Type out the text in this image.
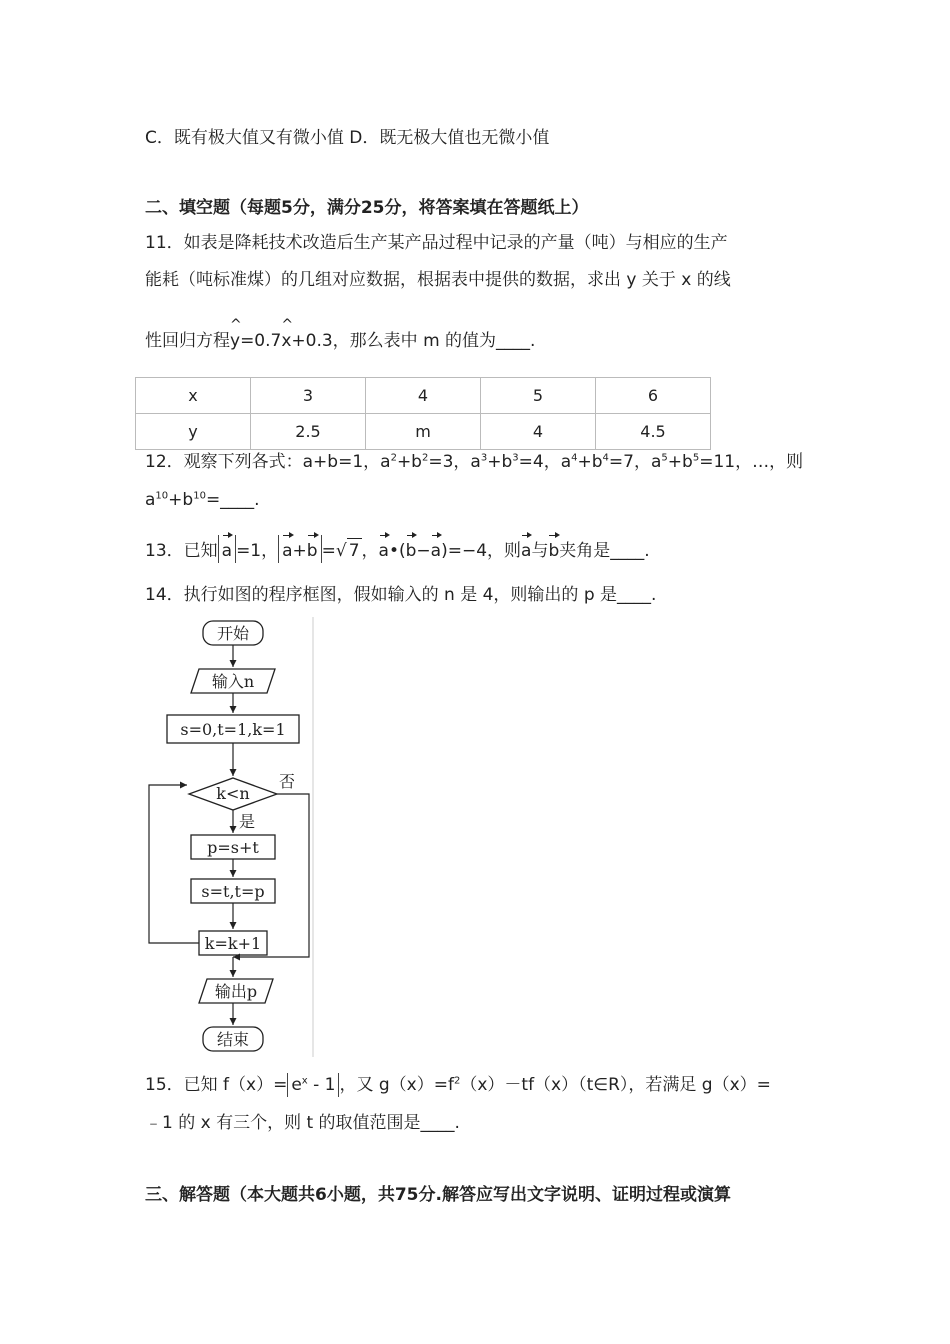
C．既有极大值又有微小值 D．既无极大值也无微小值
二、填空题（每题5分，满分25分，将答案填在答题纸上）
11．如表是降耗技术改造后生产某产品过程中记录的产量（吨）与相应的生产
能耗（吨标准煤）的几组对应数据，根据表中提供的数据，求出 y 关于 x 的线
性回归方程
^
y=0.7
^
x+0.3，那么表中 m 的值为____.
x	3	4	5	6
y	2.5	m	4	4.5
12．观察下列各式：a+b=1，$a^2+b^2=3$，$a^3+b^3=4$，$a^4+b^4=7$，$a^5+b^5=11$，…，则
$a^{10}+b^{10}=\_\_\_\_$.
13．已知 a =1， a+b =√ 7 ，a•(b−a)=−4，则a与b夹角是____.
14．执行如图的程序框图，假如输入的 n 是 4，则输出的 p 是____.
开始
输入n
s=0,t=1,k=1
k<n
否
是
p=s+t
s=t,t=p
k=k+1
输出p
结束
15．已知 $f(x)= e^x - 1$ ，又 $g(x)=f^2(x)-tf(x)(t\in R)$，若满足 g（x）=
﹣1 的 x 有三个，则 t 的取值范围是____.
三、解答题（本大题共6小题，共75分.解答应写出文字说明、证明过程或演算
